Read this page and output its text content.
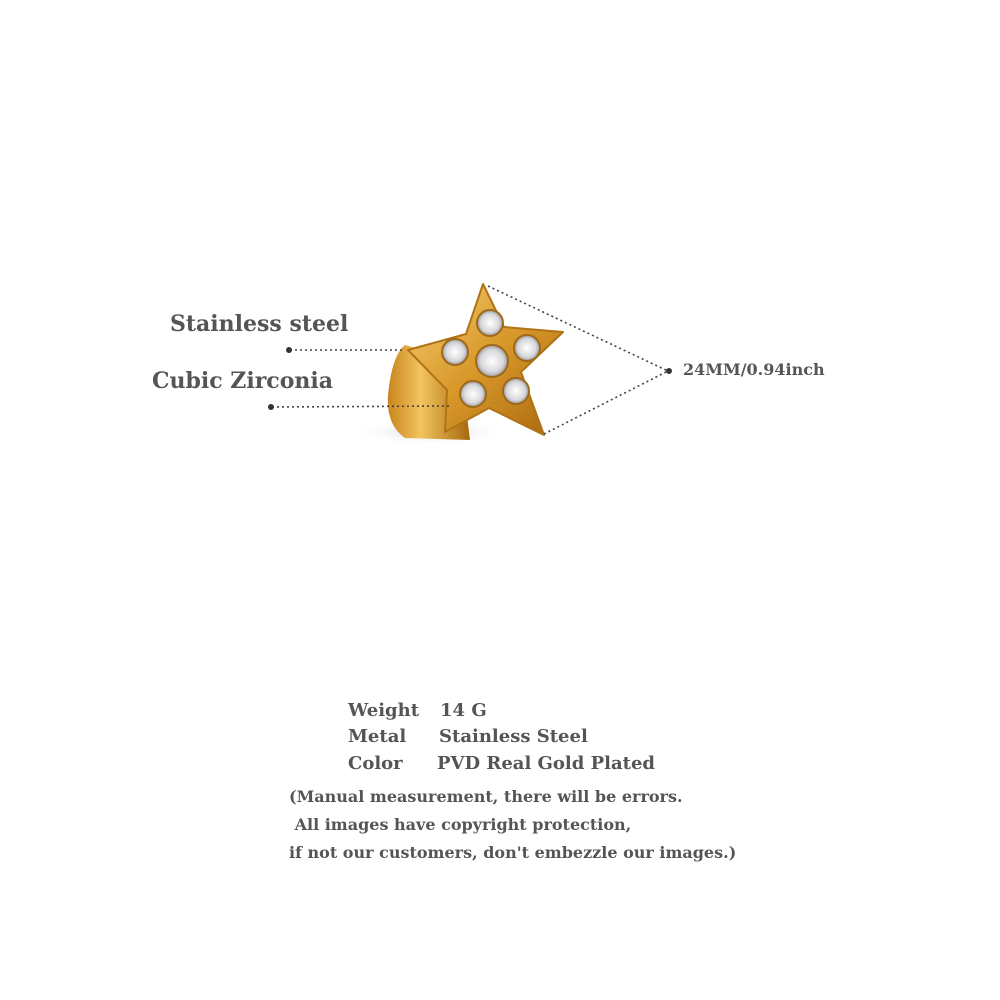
Stainless steel
Cubic Zirconia	24MM/0.94inch
Weight 14 G
Metal Stainless Steel
Color PVD Real Gold Plated
(Manual measurement, there will be errors.
All images have copyright protection,
if not our customers, don't embezzle our images.)
